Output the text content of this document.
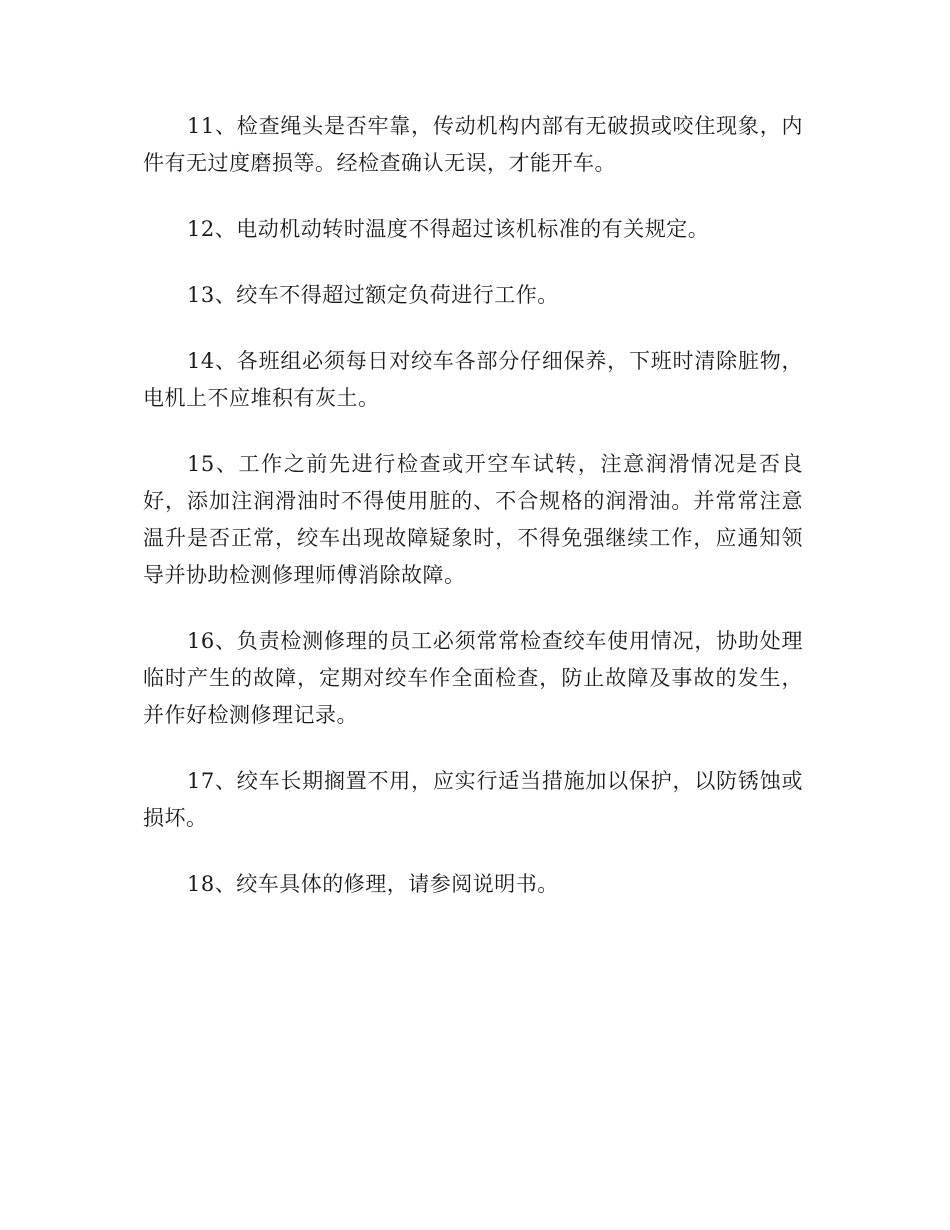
11、检查绳头是否牢靠，传动机构内部有无破损或咬住现象，内件有无过度磨损等。经检查确认无误，才能开车。

12、电动机动转时温度不得超过该机标准的有关规定。

13、绞车不得超过额定负荷进行工作。

14、各班组必须每日对绞车各部分仔细保养，下班时清除脏物，电机上不应堆积有灰土。

15、工作之前先进行检查或开空车试转，注意润滑情况是否良好，添加注润滑油时不得使用脏的、不合规格的润滑油。并常常注意温升是否正常，绞车出现故障疑象时，不得免强继续工作，应通知领导并协助检测修理师傅消除故障。

16、负责检测修理的员工必须常常检查绞车使用情况，协助处理临时产生的故障，定期对绞车作全面检查，防止故障及事故的发生，并作好检测修理记录。

17、绞车长期搁置不用，应实行适当措施加以保护，以防锈蚀或损坏。

18、绞车具体的修理，请参阅说明书。
